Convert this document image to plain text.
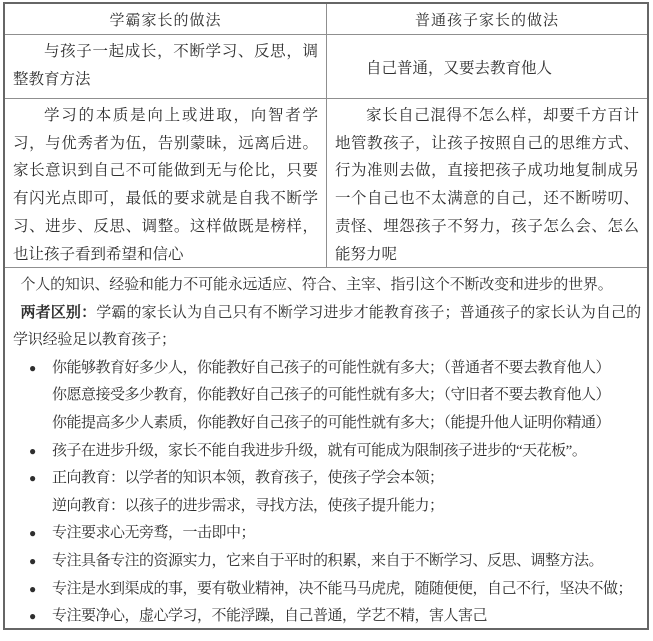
学霸家长的做法	普通孩子家长的做法
与孩子一起成长，不断学习、反思，调整教育方法

自己普通，又要去教育他人

学习的本质是向上或进取，向智者学习，与优秀者为伍，告别蒙昧，远离后进。家长意识到自己不可能做到无与伦比，只要有闪光点即可，最低的要求就是自我不断学习、进步、反思、调整。这样做既是榜样，也让孩子看到希望和信心
家长自己混得不怎么样，却要千方百计地管教孩子，让孩子按照自己的思维方式、行为准则去做，直接把孩子成功地复制成另一个自己也不太满意的自己，还不断唠叨、责怪、埋怨孩子不努力，孩子怎么会、怎么能努力呢

个人的知识、经验和能力不可能永远适应、符合、主宰、指引这个不断改变和进步的世界。

两者区别：学霸的家长认为自己只有不断学习进步才能教育孩子；普通孩子的家长认为自己的学识经验足以教育孩子；

● 你能够教育好多少人，你能教好自己孩子的可能性就有多大；（普通者不要去教育他人）
你愿意接受多少教育，你能教好自己孩子的可能性就有多大；（守旧者不要去教育他人）
你能提高多少人素质，你能教好自己孩子的可能性就有多大；（能提升他人证明你精通）
● 孩子在进步升级，家长不能自我进步升级，就有可能成为限制孩子进步的“天花板”。
● 正向教育：以学者的知识本领，教育孩子，使孩子学会本领；
逆向教育：以孩子的进步需求，寻找方法，使孩子提升能力；
● 专注要求心无旁骛，一击即中；
● 专注具备专注的资源实力，它来自于平时的积累，来自于不断学习、反思、调整方法。
● 专注是水到渠成的事，要有敬业精神，决不能马马虎虎，随随便便，自己不行，坚决不做；
● 专注要净心，虚心学习，不能浮躁，自己普通，学艺不精，害人害己
